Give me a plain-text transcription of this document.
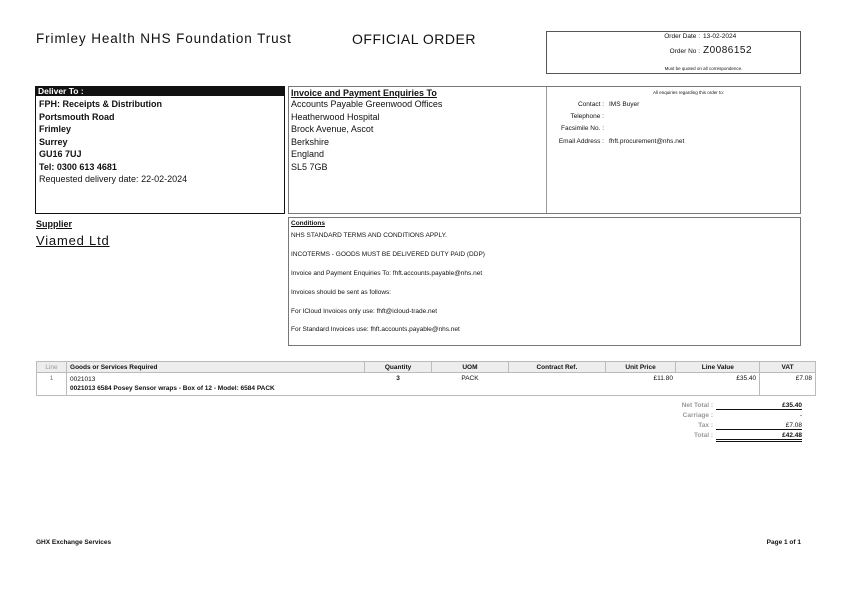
Frimley Health NHS Foundation Trust	OFFICIAL ORDER	Order Date : 13-02-2024
Order No : Z0086152
Must be quoted on all correspondence.
Deliver To :
FPH: Receipts & Distribution
Portsmouth Road
Frimley
Surrey
GU16 7UJ
Tel: 0300 613 4681
Requested delivery date: 22-02-2024
Invoice and Payment Enquiries To
Accounts Payable Greenwood Offices
Heatherwood Hospital
Brock Avenue, Ascot
Berkshire
England
SL5 7GB
All enquiries regarding this order to:
Contact : IMS Buyer
Telephone :
Facsimile No. :
Email Address : fhft.procurement@nhs.net
Supplier
Viamed Ltd
Conditions
NHS STANDARD TERMS AND CONDITIONS APPLY.
INCOTERMS - GOODS MUST BE DELIVERED DUTY PAID (DDP)
Invoice and Payment Enquiries To: fhft.accounts.payable@nhs.net
Invoices should be sent as follows:
For ICloud Invoices only use: fhft@icloud-trade.net
For Standard Invoices use: fhft.accounts.payable@nhs.net
Line	Goods or Services Required	Quantity	UOM	Contract Ref.	Unit Price	Line Value	VAT
1	0021013
0021013 6584 Posey Sensor wraps - Box of 12 - Model: 6584 PACK	3	PACK		£11.80	£35.40	£7.08
Net Total :	£35.40
Carriage :	-
Tax :	£7.08
Total :	£42.48
GHX Exchange Services	Page 1 of 1
